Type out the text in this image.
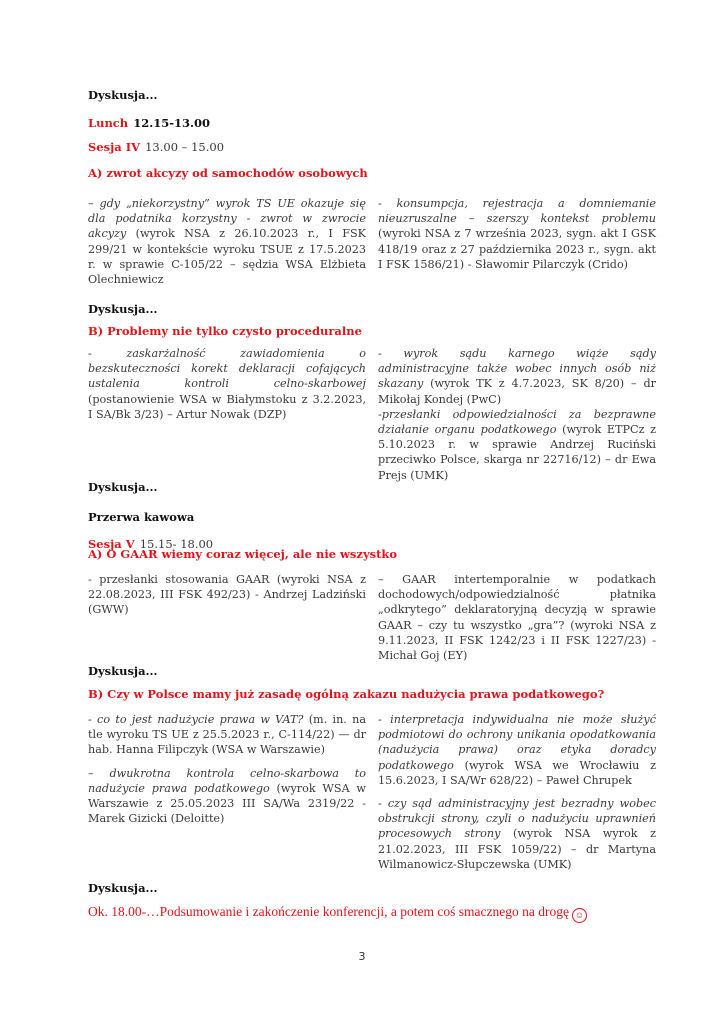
Dyskusja...
Lunch 12.15-13.00
Sesja IV 13.00 – 15.00
A) zwrot akcyzy od samochodów osobowych

– gdy „niekorzystny” wyrok TS UE okazuje się dla podatnika korzystny - zwrot w zwrocie akcyzy (wyrok NSA z 26.10.2023 r., I FSK 299/21 w kontekście wyroku TSUE z 17.5.2023 r. w sprawie C-105/22 – sędzia WSA Elżbieta Olechniewicz

- konsumpcja, rejestracja a domniemanie nieuzruszalne – szerszy kontekst problemu (wyroki NSA z 7 września 2023, sygn. akt I GSK 418/19 oraz z 27 października 2023 r., sygn. akt I FSK 1586/21) - Sławomir Pilarczyk (Crido)

Dyskusja...
B) Problemy nie tylko czysto proceduralne

- zaskarżalność zawiadomienia o bezskuteczności korekt deklaracji cofających ustalenia kontroli celno-skarbowej (postanowienie WSA w Białymstoku z 3.2.2023, I SA/Bk 3/23) – Artur Nowak (DZP)

- wyrok sądu karnego wiąże sądy administracyjne także wobec innych osób niż skazany (wyrok TK z 4.7.2023, SK 8/20) – dr Mikołaj Kondej (PwC)

-przesłanki odpowiedzialności za bezprawne działanie organu podatkowego (wyrok ETPCz z 5.10.2023 r. w sprawie Andrzej Ruciński przeciwko Polsce, skarga nr 22716/12) – dr Ewa Prejs (UMK)

Dyskusja...
Przerwa kawowa
Sesja V 15.15- 18.00
A) O GAAR wiemy coraz więcej, ale nie wszystko

- przesłanki stosowania GAAR (wyroki NSA z 22.08.2023, III FSK 492/23) - Andrzej Ladziński (GWW)

– GAAR intertemporalnie w podatkach dochodowych/odpowiedzialność płatnika „odkrytego” deklaratoryjną decyzją w sprawie GAAR – czy tu wszystko „gra”? (wyroki NSA z 9.11.2023, II FSK 1242/23 i II FSK 1227/23) - Michał Goj (EY)

Dyskusja...
B) Czy w Polsce mamy już zasadę ogólną zakazu nadużycia prawa podatkowego?

- co to jest nadużycie prawa w VAT? (m. in. na tle wyroku TS UE z 25.5.2023 r., C-114/22) — dr hab. Hanna Filipczyk (WSA w Warszawie)

– dwukrotna kontrola celno-skarbowa to nadużycie prawa podatkowego (wyrok WSA w Warszawie z 25.05.2023 III SA/Wa 2319/22 - Marek Gizicki (Deloitte)

- interpretacja indywidualna nie może służyć podmiotowi do ochrony unikania opodatkowania (nadużycia prawa) oraz etyka doradcy podatkowego (wyrok WSA we Wrocławiu z 15.6.2023, I SA/Wr 628/22) – Paweł Chrupek

- czy sąd administracyjny jest bezradny wobec obstrukcji strony, czyli o nadużyciu uprawnień procesowych strony (wyrok NSA wyrok z 21.02.2023, III FSK 1059/22) – dr Martyna Wilmanowicz-Słupczewska (UMK)

Dyskusja...
Ok. 18.00-…Podsumowanie i zakończenie konferencji, a potem coś smacznego na drogę ☺
3
